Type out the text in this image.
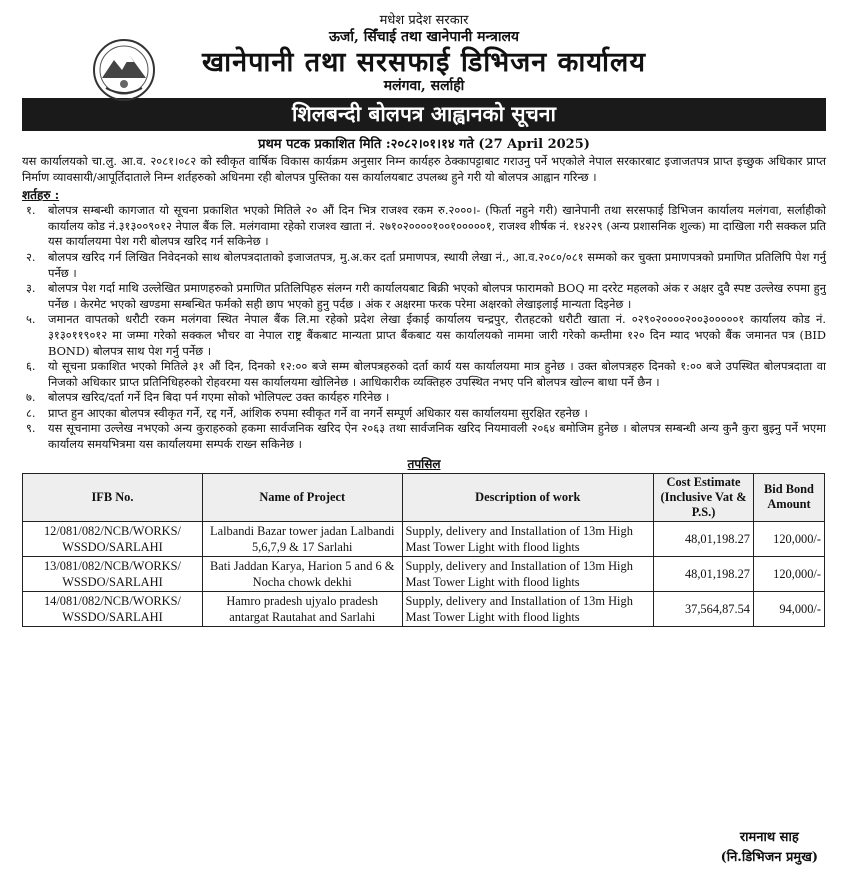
मधेश प्रदेश सरकार
ऊर्जा, सिँचाई तथा खानेपानी मन्त्रालय
खानेपानी तथा सरसफाई डिभिजन कार्यालय
मलंगवा, सर्लाही
शिलबन्दी बोलपत्र आह्वानको सूचना
प्रथम पटक प्रकाशित मिति :२०८२।०१।१४ गते (27 April 2025)

यस कार्यालयको चा.लु. आ.व. २०८१।०८२ को स्वीकृत वार्षिक विकास कार्यक्रम अनुसार निम्न कार्यहरु ठेक्कापट्टाबाट गराउनु पर्ने भएकोले नेपाल सरकारबाट इजाजतपत्र प्राप्त इच्छुक अधिकार प्राप्त निर्माण व्यावसायी/आपूर्तिदाताले निम्न शर्तहरुको अधिनमा रही बोलपत्र पुस्तिका यस कार्यालयबाट उपलब्ध हुने गरी यो बोलपत्र आह्वान गरिन्छ ।

शर्तहरु :
१.	बोलपत्र सम्बन्धी कागजात यो सूचना प्रकाशित भएको मितिले २० औं दिन भित्र राजश्व रकम रु.२०००।- (फिर्ता नहुने गरी) खानेपानी तथा सरसफाई डिभिजन कार्यालय मलंगवा, सर्लाहीको कार्यालय कोड नं.३१३००९०१२ नेपाल बैंक लि. मलंगवामा रहेको राजश्व खाता नं. २७१०२००००१००१०००००१, राजश्व शीर्षक नं. १४२२९ (अन्य प्रशासनिक शुल्क) मा दाखिला गरी सक्कल प्रति यस कार्यालयमा पेश गरी बोलपत्र खरिद गर्न सकिनेछ ।
२.	बोलपत्र खरिद गर्न लिखित निवेदनको साथ बोलपत्रदाताको इजाजतपत्र, मु.अ.कर दर्ता प्रमाणपत्र, स्थायी लेखा नं., आ.व.२०८०/०८१ सम्मको कर चुक्ता प्रमाणपत्रको प्रमाणित प्रतिलिपि पेश गर्नु पर्नेछ ।
३.	बोलपत्र पेश गर्दा माथि उल्लेखित प्रमाणहरुको प्रमाणित प्रतिलिपिहरु संलग्न गरी कार्यालयबाट बिक्री भएको बोलपत्र फारामको BOQ मा दररेट महलको अंक र अक्षर दुवै स्पष्ट उल्लेख रुपमा हुनु पर्नेछ । केरमेट भएको खण्डमा सम्बन्धित फर्मको सही छाप भएको हुनु पर्दछ । अंक र अक्षरमा फरक परेमा अक्षरको लेखाइलाई मान्यता दिइनेछ ।
५.	जमानत वापतको धरौटी रकम मलंगवा स्थित नेपाल बैंक लि.मा रहेको प्रदेश लेखा ईकाई कार्यालय चन्द्रपुर, रौतहटको धरौटी खाता नं. ०२९०२००००२००३०००००१ कार्यालय कोड नं. ३१३०११९०१२ मा जम्मा गरेको सक्कल भौचर वा नेपाल राष्ट्र बैंकबाट मान्यता प्राप्त बैंकबाट यस कार्यालयको नाममा जारी गरेको कम्तीमा १२० दिन म्याद भएको बैंक जमानत पत्र (BID BOND) बोलपत्र साथ पेश गर्नु पर्नेछ ।
६.	यो सूचना प्रकाशित भएको मितिले ३१ औं दिन, दिनको १२:०० बजे सम्म बोलपत्रहरुको दर्ता कार्य यस कार्यालयमा मात्र हुनेछ । उक्त बोलपत्रहरु दिनको १:०० बजे उपस्थित बोलपत्रदाता वा निजको अधिकार प्राप्त प्रतिनिधिहरुको रोहवरमा यस कार्यालयमा खोलिनेछ । आधिकारीक व्यक्तिहरु उपस्थित नभए पनि बोलपत्र खोल्न बाधा पर्ने छैन ।
७.	बोलपत्र खरिद/दर्ता गर्ने दिन बिदा पर्न गएमा सोको भोलिपल्ट उक्त कार्यहरु गरिनेछ ।
८.	प्राप्त हुन आएका बोलपत्र स्वीकृत गर्ने, रद्द गर्ने, आंशिक रुपमा स्वीकृत गर्ने वा नगर्ने सम्पूर्ण अधिकार यस कार्यालयमा सुरक्षित रहनेछ ।
९.	यस सूचनामा उल्लेख नभएको अन्य कुराहरुको हकमा सार्वजनिक खरिद ऐन २०६३ तथा सार्वजनिक खरिद नियमावली २०६४ बमोजिम हुनेछ । बोलपत्र सम्बन्धी अन्य कुनै कुरा बुझ्नु पर्ने भएमा कार्यालय समयभित्रमा यस कार्यालयमा सम्पर्क राख्न सकिनेछ ।
तपसिल
IFB No.	Name of Project	Description of work	Cost Estimate (Inclusive Vat & P.S.)	Bid Bond Amount
12/081/082/NCB/WORKS/ WSSDO/SARLAHI	Lalbandi Bazar tower jadan Lalbandi 5,6,7,9 & 17 Sarlahi	Supply, delivery and Installation of 13m High Mast Tower Light with flood lights	48,01,198.27	120,000/-
13/081/082/NCB/WORKS/ WSSDO/SARLAHI	Bati Jaddan Karya, Harion 5 and 6 & Nocha chowk dekhi	Supply, delivery and Installation of 13m High Mast Tower Light with flood lights	48,01,198.27	120,000/-
14/081/082/NCB/WORKS/ WSSDO/SARLAHI	Hamro pradesh ujyalo pradesh antargat Rautahat and Sarlahi	Supply, delivery and Installation of 13m High Mast Tower Light with flood lights	37,564,87.54	94,000/-
रामनाथ साह
(नि.डिभिजन प्रमुख)
